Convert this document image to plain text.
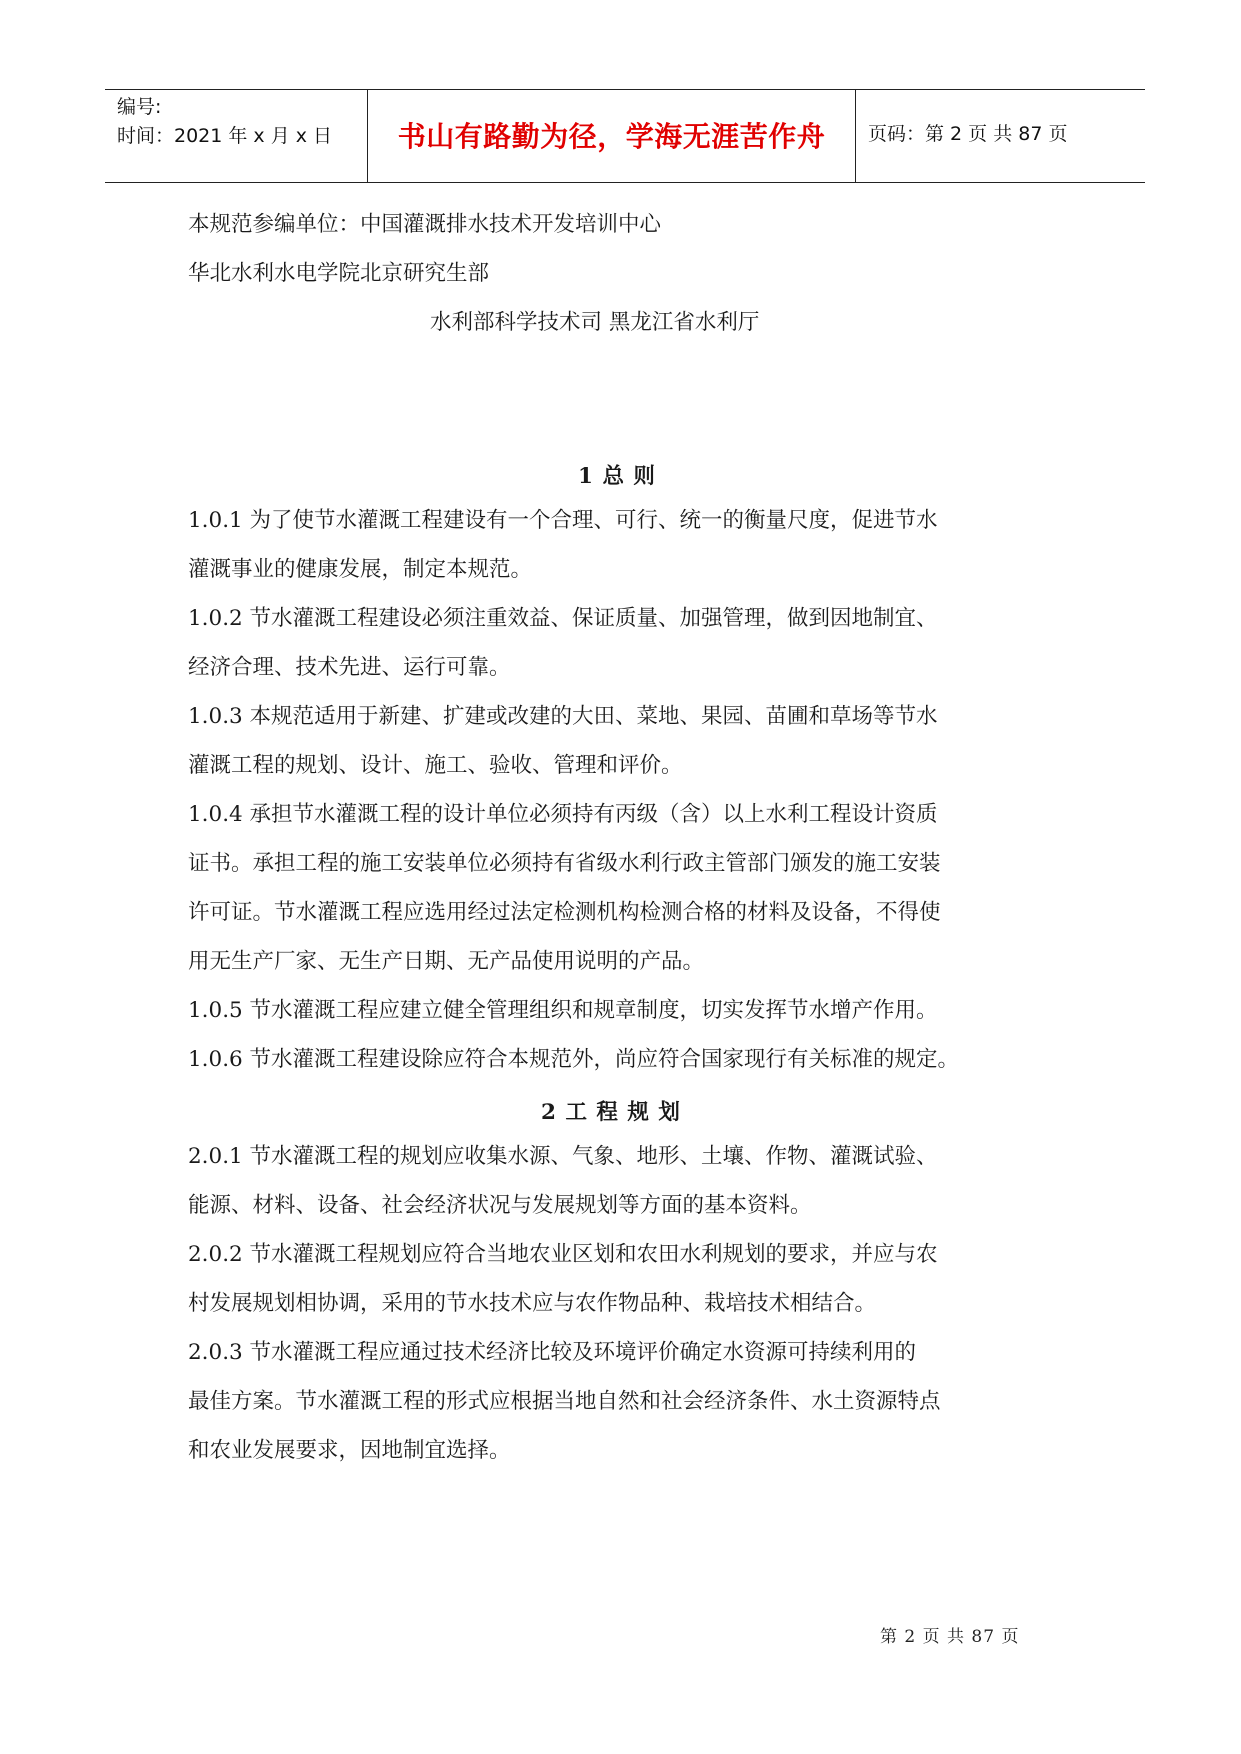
编号:
时间：2021 年 x 月 x 日 书山有路勤为径，学海无涯苦作舟	页码：第 2 页 共 87 页
本规范参编单位：中国灌溉排水技术开发培训中心
华北水利水电学院北京研究生部
水利部科学技术司 黑龙江省水利厅
1 总 则
1.0.1 为了使节水灌溉工程建设有一个合理、可行、统一的衡量尺度，促进节水
灌溉事业的健康发展，制定本规范。
1.0.2 节水灌溉工程建设必须注重效益、保证质量、加强管理，做到因地制宜、
经济合理、技术先进、运行可靠。
1.0.3 本规范适用于新建、扩建或改建的大田、菜地、果园、苗圃和草场等节水
灌溉工程的规划、设计、施工、验收、管理和评价。
1.0.4 承担节水灌溉工程的设计单位必须持有丙级（含）以上水利工程设计资质
证书。承担工程的施工安装单位必须持有省级水利行政主管部门颁发的施工安装
许可证。节水灌溉工程应选用经过法定检测机构检测合格的材料及设备，不得使
用无生产厂家、无生产日期、无产品使用说明的产品。
1.0.5 节水灌溉工程应建立健全管理组织和规章制度，切实发挥节水增产作用。
1.0.6 节水灌溉工程建设除应符合本规范外，尚应符合国家现行有关标准的规定。
2 工 程 规 划
2.0.1 节水灌溉工程的规划应收集水源、气象、地形、土壤、作物、灌溉试验、
能源、材料、设备、社会经济状况与发展规划等方面的基本资料。
2.0.2 节水灌溉工程规划应符合当地农业区划和农田水利规划的要求，并应与农
村发展规划相协调，采用的节水技术应与农作物品种、栽培技术相结合。
2.0.3 节水灌溉工程应通过技术经济比较及环境评价确定水资源可持续利用的
最佳方案。节水灌溉工程的形式应根据当地自然和社会经济条件、水土资源特点
和农业发展要求，因地制宜选择。
第 2 页 共 87 页
